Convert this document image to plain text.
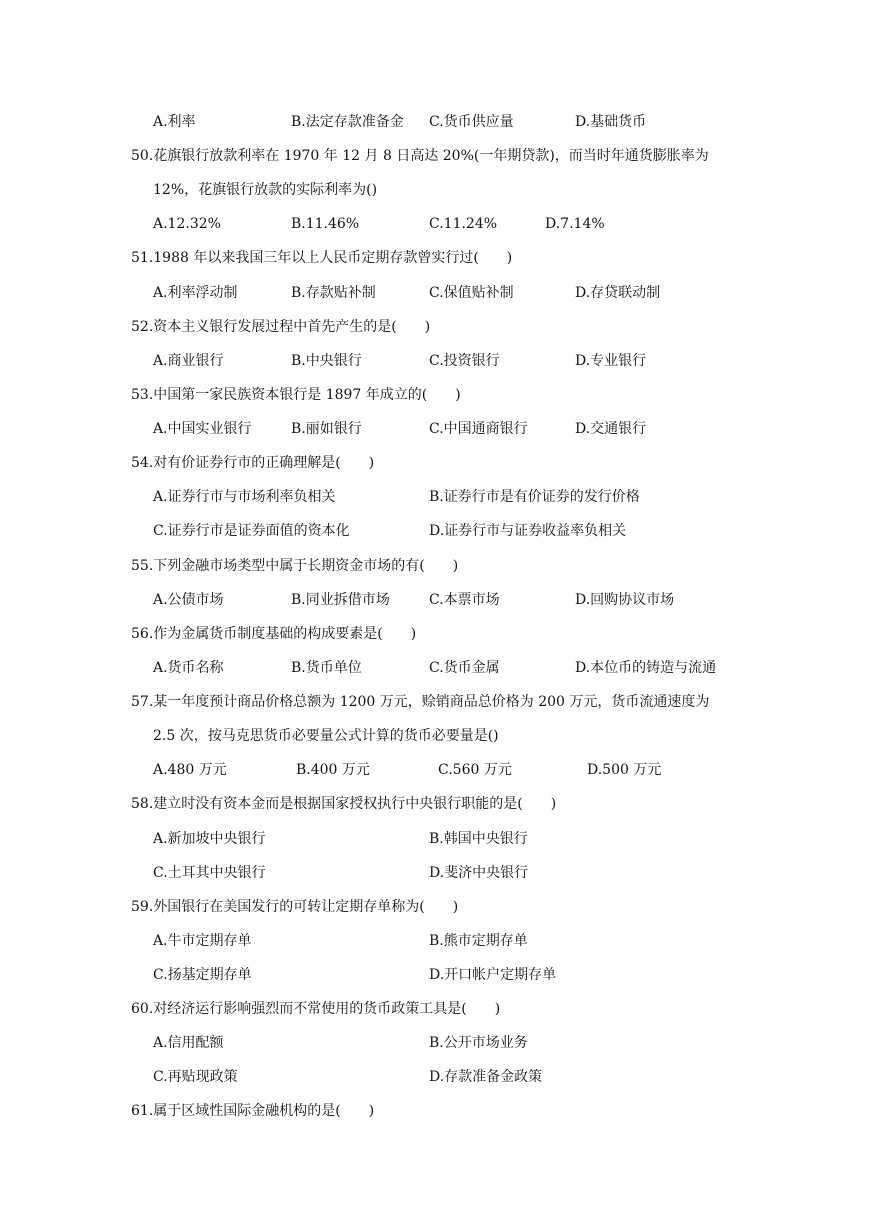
A.利率	B.法定存款准备金 C.货币供应量	D.基础货币
50.花旗银行放款利率在 1970 年 12 月 8 日高达 20%(一年期贷款)，而当时年通货膨胀率为
12%，花旗银行放款的实际利率为()
A.12.32%	B.11.46%	C.11.24%	D.7.14%
51.1988 年以来我国三年以上人民币定期存款曾实行过(　　)
A.利率浮动制	B.存款贴补制	C.保值贴补制	D.存贷联动制
52.资本主义银行发展过程中首先产生的是(　　)
A.商业银行	B.中央银行	C.投资银行	D.专业银行
53.中国第一家民族资本银行是 1897 年成立的(　　)
A.中国实业银行	B.丽如银行	C.中国通商银行	D.交通银行
54.对有价证券行市的正确理解是(　　)
A.证券行市与市场利率负相关	B.证券行市是有价证券的发行价格
C.证券行市是证券面值的资本化	D.证券行市与证券收益率负相关
55.下列金融市场类型中属于长期资金市场的有(　　)
A.公债市场	B.同业拆借市场	C.本票市场	D.回购协议市场
56.作为金属货币制度基础的构成要素是(　　)
A.货币名称	B.货币单位	C.货币金属	D.本位币的铸造与流通
57.某一年度预计商品价格总额为 1200 万元，赊销商品总价格为 200 万元，货币流通速度为
2.5 次，按马克思货币必要量公式计算的货币必要量是()
A.480 万元	B.400 万元	C.560 万元	D.500 万元
58.建立时没有资本金而是根据国家授权执行中央银行职能的是(　　)
A.新加坡中央银行	B.韩国中央银行
C.土耳其中央银行	D.斐济中央银行
59.外国银行在美国发行的可转让定期存单称为(　　)
A.牛市定期存单	B.熊市定期存单
C.扬基定期存单	D.开口帐户定期存单
60.对经济运行影响强烈而不常使用的货币政策工具是(　　)
A.信用配额	B.公开市场业务
C.再贴现政策	D.存款准备金政策
61.属于区域性国际金融机构的是(　　)
